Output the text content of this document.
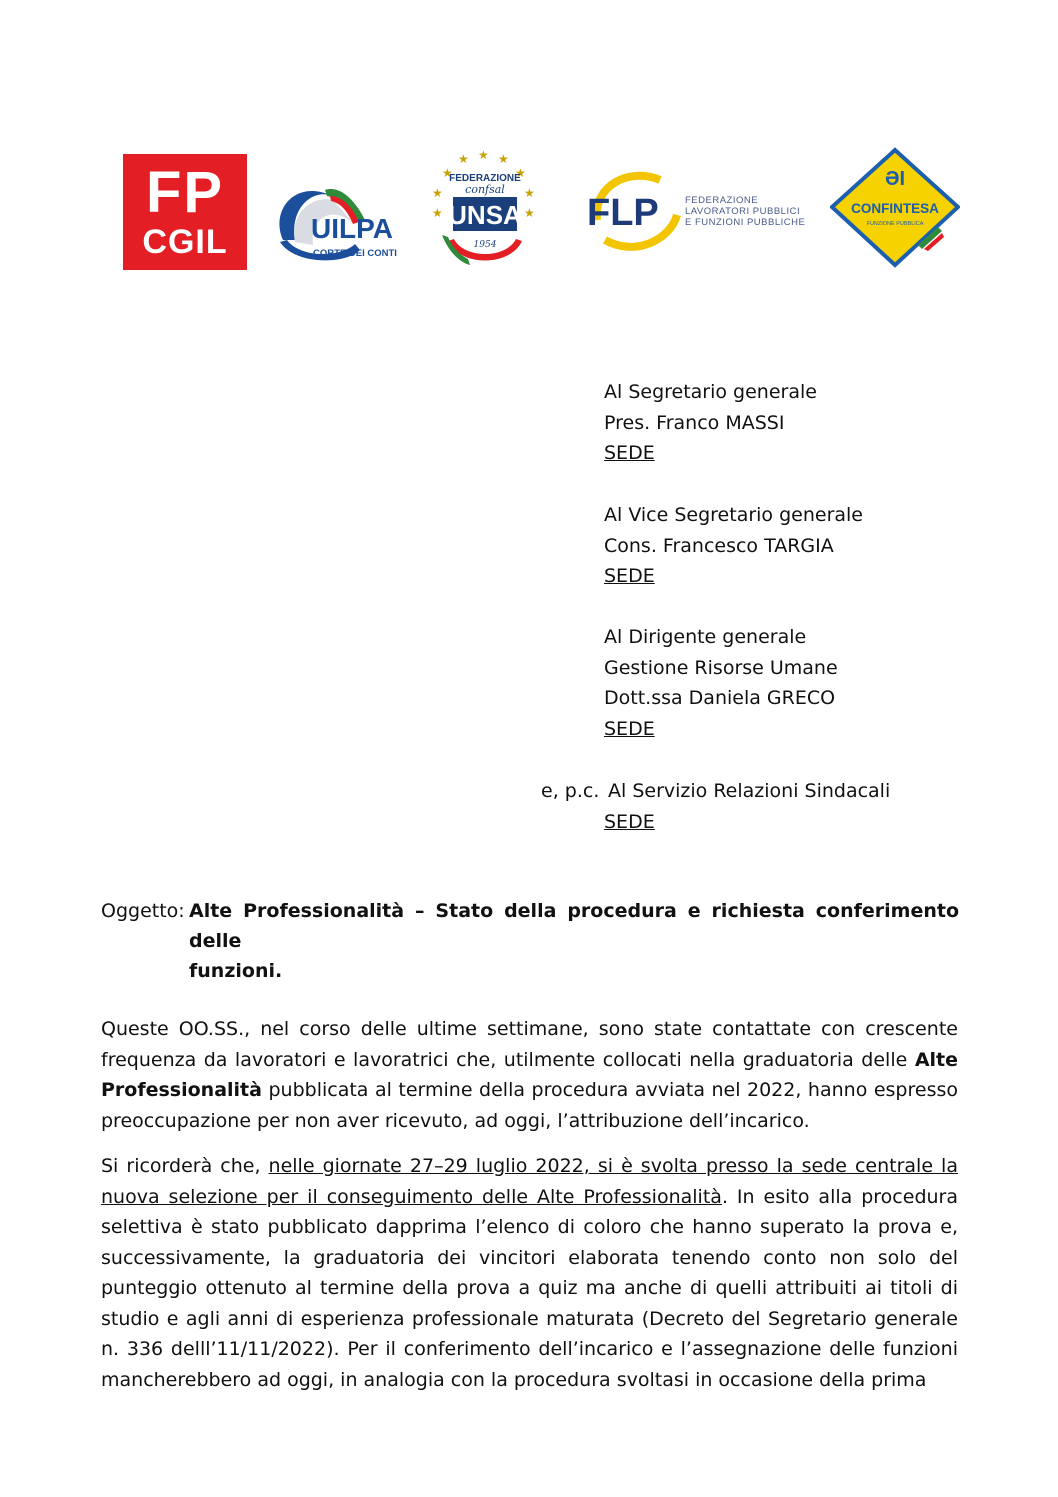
FP
CGIL	UILPA
CORTE DEI CONTI
★ ★
★
★
★
★
★
★
★
FEDERAZIONE
confsal
UNSA
1954
FLP	FEDERAZIONE
LAVORATORI PUBBLICI
E FUNZIONI PUBBLICHE
ƏI
CONFINTESA
FUNZIONE PUBBLICA
Al Segretario generale
Pres. Franco MASSI
SEDE
Al Vice Segretario generale
Cons. Francesco TARGIA
SEDE
Al Dirigente generale
Gestione Risorse Umane
Dott.ssa Daniela GRECO
SEDE
e, p.c. Al Servizio Relazioni Sindacali
SEDE
Oggetto: Alte Professionalità – Stato della procedura e richiesta conferimento delle
funzioni.
Queste OO.SS., nel corso delle ultime settimane, sono state contattate con crescente frequenza da lavoratori e lavoratrici che, utilmente collocati nella graduatoria delle Alte Professionalità pubblicata al termine della procedura avviata nel 2022, hanno espresso preoccupazione per non aver ricevuto, ad oggi, l’attribuzione dell’incarico.
Si ricorderà che, nelle giornate 27–29 luglio 2022, si è svolta presso la sede centrale la nuova selezione per il conseguimento delle Alte Professionalità. In esito alla procedura selettiva è stato pubblicato dapprima l’elenco di coloro che hanno superato la prova e, successivamente, la graduatoria dei vincitori elaborata tenendo conto non solo del punteggio ottenuto al termine della prova a quiz ma anche di quelli attribuiti ai titoli di studio e agli anni di esperienza professionale maturata (Decreto del Segretario generale n. 336 delll’11/11/2022). Per il conferimento dell’incarico e l’assegnazione delle funzioni mancherebbero ad oggi, in analogia con la procedura svoltasi in occasione della prima
